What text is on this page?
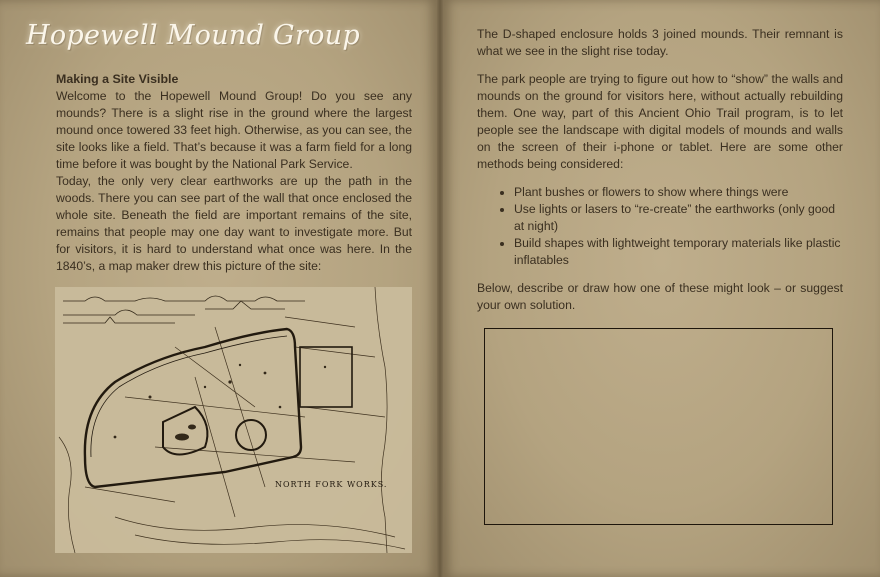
Hopewell Mound Group
Making a Site Visible

Welcome to the Hopewell Mound Group! Do you see any mounds? There is a slight rise in the ground where the largest mound once towered 33 feet high. Otherwise, as you can see, the site looks like a field. That’s because it was a farm field for a long time before it was bought by the National Park Service.

Today, the only very clear earthworks are up the path in the woods. There you can see part of the wall that once enclosed the whole site. Beneath the field are important remains of the site, remains that people may one day want to investigate more. But for visitors, it is hard to understand what once was here. In the 1840’s, a map maker drew this picture of the site:

NORTH FORK WORKS.

The D-shaped enclosure holds 3 joined mounds. Their remnant is what we see in the slight rise today.

The park people are trying to figure out how to “show” the walls and mounds on the ground for visitors here, without actually rebuilding them. One way, part of this Ancient Ohio Trail program, is to let people see the landscape with digital models of mounds and walls on the screen of their i-phone or tablet. Here are some other methods being considered:

• Plant bushes or flowers to show where things were
• Use lights or lasers to “re-create” the earthworks (only good at night)
• Build shapes with lightweight temporary materials like plastic inflatables

Below, describe or draw how one of these might look – or suggest your own solution.
